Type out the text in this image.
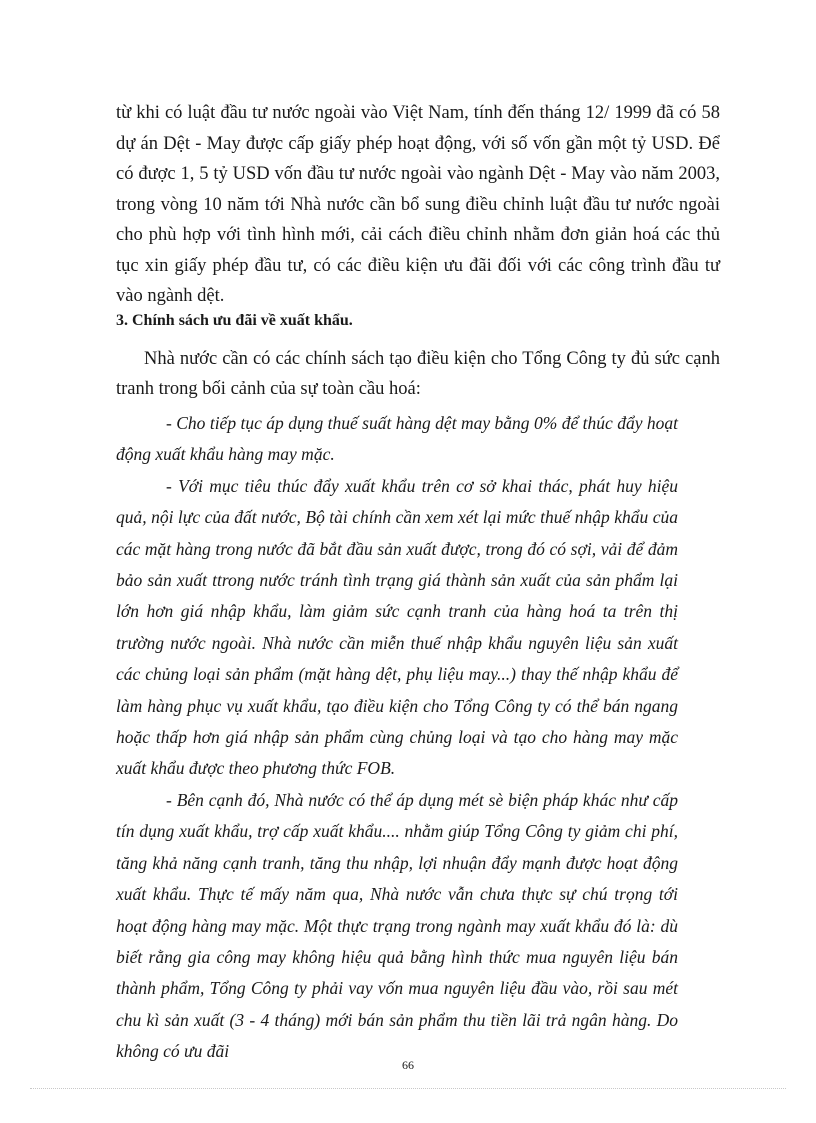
từ khi có luật đầu tư nước ngoài vào Việt Nam, tính đến tháng 12/ 1999 đã có 58 dự án Dệt - May được cấp giấy phép hoạt động, với số vốn gần một tỷ USD. Để có được 1, 5 tỷ USD vốn đầu tư nước ngoài vào ngành Dệt - May vào năm 2003, trong vòng 10 năm tới Nhà nước cần bổ sung điều chỉnh luật đầu tư nước ngoài cho phù hợp với tình hình mới, cải cách điều chỉnh nhằm đơn giản hoá các thủ tục xin giấy phép đầu tư, có các điều kiện ưu đãi đối với các công trình đầu tư vào ngành dệt.

3. Chính sách ưu đãi về xuất khẩu.

Nhà nước cần có các chính sách tạo điều kiện cho Tổng Công ty đủ sức cạnh tranh trong bối cảnh của sự toàn cầu hoá:

- Cho tiếp tục áp dụng thuế suất hàng dệt may bằng 0% để thúc đẩy hoạt động xuất khẩu hàng may mặc.

- Với mục tiêu thúc đẩy xuất khẩu trên cơ sở khai thác, phát huy hiệu quả, nội lực của đất nước, Bộ tài chính cần xem xét lại mức thuế nhập khẩu của các mặt hàng trong nước đã bắt đầu sản xuất được, trong đó có sợi, vải để đảm bảo sản xuất ttrong nước tránh tình trạng giá thành sản xuất của sản phẩm lại lớn hơn giá nhập khẩu, làm giảm sức cạnh tranh của hàng hoá ta trên thị trường nước ngoài. Nhà nước cần miễn thuế nhập khẩu nguyên liệu sản xuất các chủng loại sản phẩm (mặt hàng dệt, phụ liệu may...) thay thế nhập khẩu để làm hàng phục vụ xuất khẩu, tạo điều kiện cho Tổng Công ty có thể bán ngang hoặc thấp hơn giá nhập sản phẩm cùng chủng loại và tạo cho hàng may mặc xuất khẩu được theo phương thức FOB.

- Bên cạnh đó, Nhà nước có thể áp dụng mét sè biện pháp khác như cấp tín dụng xuất khẩu, trợ cấp xuất khẩu.... nhằm giúp Tổng Công ty giảm chi phí, tăng khả năng cạnh tranh, tăng thu nhập, lợi nhuận đẩy mạnh được hoạt động xuất khẩu. Thực tế mấy năm qua, Nhà nước vẫn chưa thực sự chú trọng tới hoạt động hàng may mặc. Một thực trạng trong ngành may xuất khẩu đó là: dù biết rằng gia công may không hiệu quả bằng hình thức mua nguyên liệu bán thành phẩm, Tổng Công ty phải vay vốn mua nguyên liệu đầu vào, rồi sau mét chu kì sản xuất (3 - 4 tháng) mới bán sản phẩm thu tiền lãi trả ngân hàng. Do không có ưu đãi

66
